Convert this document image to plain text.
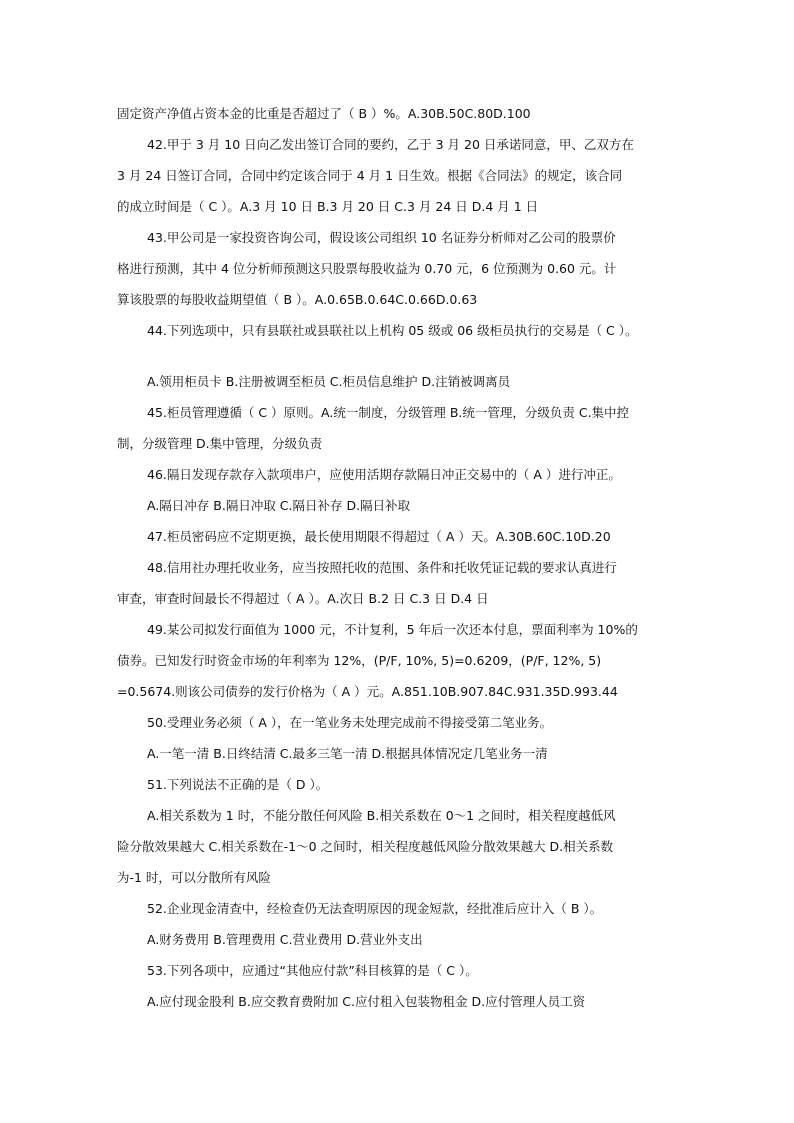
固定资产净值占资本金的比重是否超过了（ B ）%。A.30B.50C.80D.100
42.甲于 3 月 10 日向乙发出签订合同的要约，乙于 3 月 20 日承诺同意，甲、乙双方在
3 月 24 日签订合同，合同中约定该合同于 4 月 1 日生效。根据《合同法》的规定，该合同
的成立时间是（ C ）。A.3 月 10 日 B.3 月 20 日 C.3 月 24 日 D.4 月 1 日
43.甲公司是一家投资咨询公司，假设该公司组织 10 名证券分析师对乙公司的股票价
格进行预测，其中 4 位分析师预测这只股票每股收益为 0.70 元，6 位预测为 0.60 元。计
算该股票的每股收益期望值（ B ）。A.0.65B.0.64C.0.66D.0.63
44.下列选项中，只有县联社或县联社以上机构 05 级或 06 级柜员执行的交易是（ C ）。
A.领用柜员卡 B.注册被调至柜员 C.柜员信息维护 D.注销被调离员
45.柜员管理遵循（ C ）原则。A.统一制度，分级管理 B.统一管理，分级负责 C.集中控
制，分级管理 D.集中管理，分级负责
46.隔日发现存款存入款项串户，应使用活期存款隔日冲正交易中的（ A ）进行冲正。
A.隔日冲存 B.隔日冲取 C.隔日补存 D.隔日补取
47.柜员密码应不定期更换，最长使用期限不得超过（ A ）天。A.30B.60C.10D.20
48.信用社办理托收业务，应当按照托收的范围、条件和托收凭证记载的要求认真进行
审查，审查时间最长不得超过（ A ）。A.次日 B.2 日 C.3 日 D.4 日
49.某公司拟发行面值为 1000 元，不计复利，5 年后一次还本付息，票面利率为 10%的
债券。已知发行时资金市场的年利率为 12%，(P/F, 10%, 5)=0.6209，(P/F, 12%, 5)
=0.5674.则该公司债券的发行价格为（ A ）元。A.851.10B.907.84C.931.35D.993.44
50.受理业务必须（ A ），在一笔业务未处理完成前不得接受第二笔业务。
A.一笔一清 B.日终结清 C.最多三笔一清 D.根据具体情况定几笔业务一清
51.下列说法不正确的是（ D ）。
A.相关系数为 1 时，不能分散任何风险 B.相关系数在 0～1 之间时，相关程度越低风
险分散效果越大 C.相关系数在-1～0 之间时，相关程度越低风险分散效果越大 D.相关系数
为-1 时，可以分散所有风险
52.企业现金清查中，经检查仍无法查明原因的现金短款，经批准后应计入（ B ）。
A.财务费用 B.管理费用 C.营业费用 D.营业外支出
53.下列各项中，应通过“其他应付款”科目核算的是（ C ）。
A.应付现金股利 B.应交教育费附加 C.应付租入包装物租金 D.应付管理人员工资
